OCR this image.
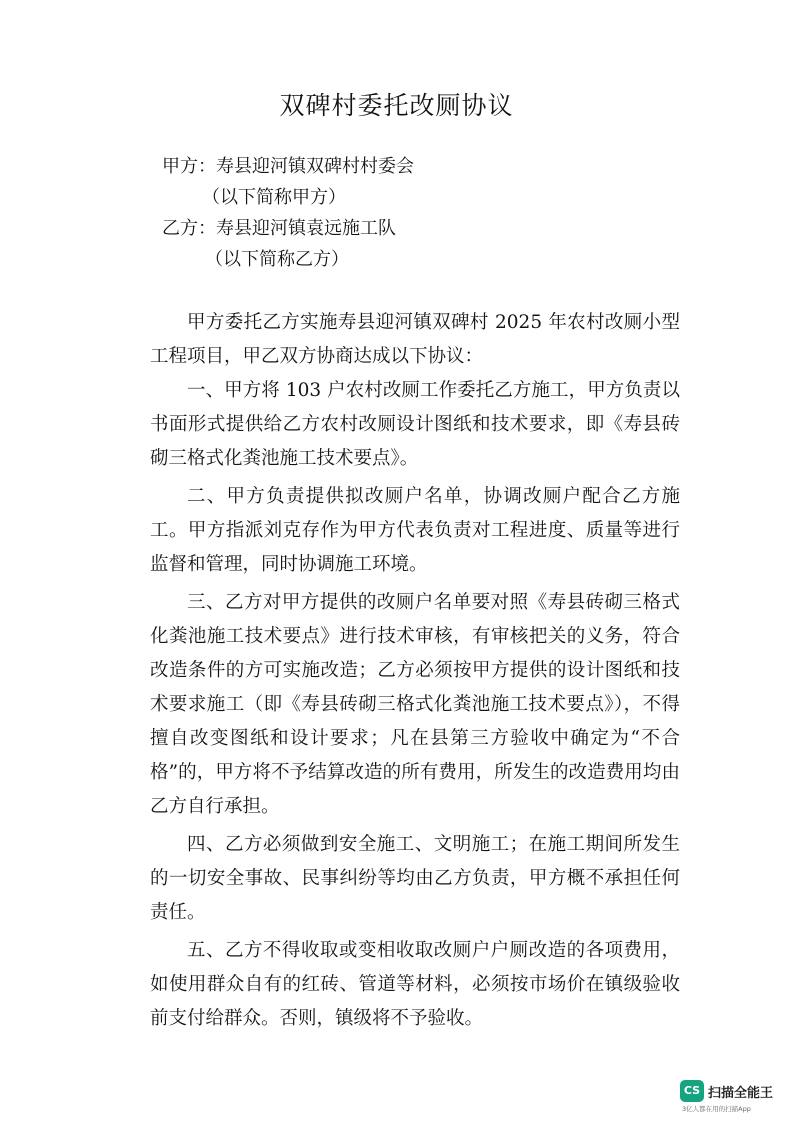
双碑村委托改厕协议
甲方：寿县迎河镇双碑村村委会
（以下简称甲方）
乙方：寿县迎河镇袁远施工队
（以下简称乙方）

甲方委托乙方实施寿县迎河镇双碑村 2025 年农村改厕小型工程项目，甲乙双方协商达成以下协议：

一、甲方将 103 户农村改厕工作委托乙方施工，甲方负责以书面形式提供给乙方农村改厕设计图纸和技术要求，即《寿县砖砌三格式化粪池施工技术要点》。

二、甲方负责提供拟改厕户名单，协调改厕户配合乙方施工。甲方指派刘克存作为甲方代表负责对工程进度、质量等进行监督和管理，同时协调施工环境。

三、乙方对甲方提供的改厕户名单要对照《寿县砖砌三格式化粪池施工技术要点》进行技术审核，有审核把关的义务，符合改造条件的方可实施改造；乙方必须按甲方提供的设计图纸和技术要求施工（即《寿县砖砌三格式化粪池施工技术要点》），不得擅自改变图纸和设计要求；凡在县第三方验收中确定为“不合格”的，甲方将不予结算改造的所有费用，所发生的改造费用均由乙方自行承担。

四、乙方必须做到安全施工、文明施工；在施工期间所发生的一切安全事故、民事纠纷等均由乙方负责，甲方概不承担任何责任。

五、乙方不得收取或变相收取改厕户户厕改造的各项费用，如使用群众自有的红砖、管道等材料，必须按市场价在镇级验收前支付给群众。否则，镇级将不予验收。

CS 扫描全能王
3亿人都在用的扫描App
